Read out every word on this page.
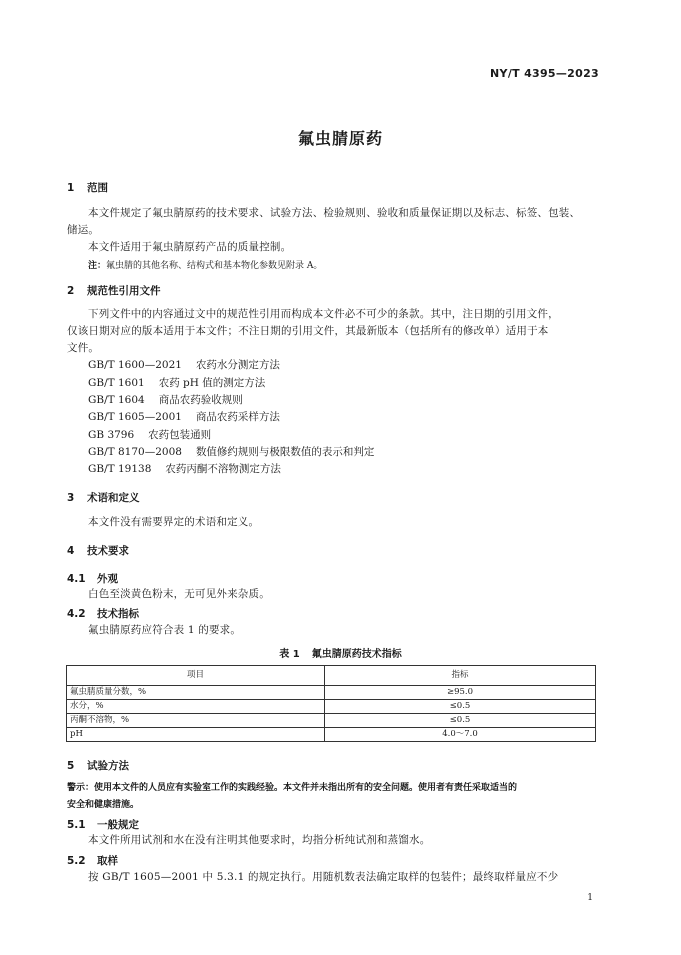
NY/T 4395—2023
氟虫腈原药
1 范围
本文件规定了氟虫腈原药的技术要求、试验方法、检验规则、验收和质量保证期以及标志、标签、包装、
储运。
本文件适用于氟虫腈原药产品的质量控制。
注：氟虫腈的其他名称、结构式和基本物化参数见附录 A。
2 规范性引用文件
下列文件中的内容通过文中的规范性引用而构成本文件必不可少的条款。其中，注日期的引用文件，
仅该日期对应的版本适用于本文件；不注日期的引用文件，其最新版本（包括所有的修改单）适用于本
文件。
GB/T 1600—2021 农药水分测定方法
GB/T 1601 农药 pH 值的测定方法
GB/T 1604 商品农药验收规则
GB/T 1605—2001 商品农药采样方法
GB 3796 农药包装通则
GB/T 8170—2008 数值修约规则与极限数值的表示和判定
GB/T 19138 农药丙酮不溶物测定方法
3 术语和定义
本文件没有需要界定的术语和定义。
4 技术要求
4.1 外观
白色至淡黄色粉末，无可见外来杂质。
4.2 技术指标
氟虫腈原药应符合表 1 的要求。
表 1 氟虫腈原药技术指标
项目	指标
氟虫腈质量分数，%	≥95.0
水分，%	≤0.5
丙酮不溶物，%	≤0.5
pH	4.0～7.0
5 试验方法
警示：使用本文件的人员应有实验室工作的实践经验。本文件并未指出所有的安全问题。使用者有责任采取适当的
安全和健康措施。
5.1 一般规定
本文件所用试剂和水在没有注明其他要求时，均指分析纯试剂和蒸馏水。
5.2 取样
按 GB/T 1605—2001 中 5.3.1 的规定执行。用随机数表法确定取样的包装件；最终取样量应不少
1
